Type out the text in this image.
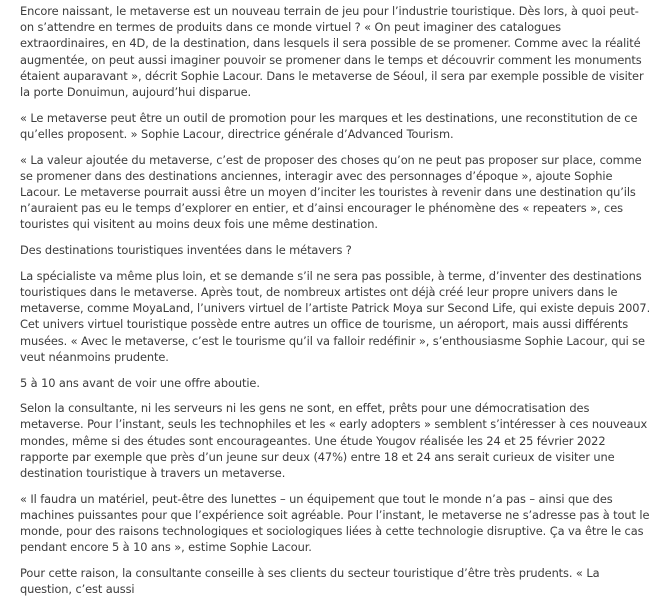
Encore naissant, le metaverse est un nouveau terrain de jeu pour l’industrie touristique. Dès lors, à quoi peut-on s’attendre en termes de produits dans ce monde virtuel ? « On peut imaginer des catalogues extraordinaires, en 4D, de la destination, dans lesquels il sera possible de se promener. Comme avec la réalité augmentée, on peut aussi imaginer pouvoir se promener dans le temps et découvrir comment les monuments étaient auparavant », décrit Sophie Lacour. Dans le metaverse de Séoul, il sera par exemple possible de visiter la porte Donuimun, aujourd’hui disparue.

« Le metaverse peut être un outil de promotion pour les marques et les destinations, une reconstitution de ce qu’elles proposent. » Sophie Lacour, directrice générale d’Advanced Tourism.

« La valeur ajoutée du metaverse, c’est de proposer des choses qu’on ne peut pas proposer sur place, comme se promener dans des destinations anciennes, interagir avec des personnages d’époque », ajoute Sophie Lacour. Le metaverse pourrait aussi être un moyen d’inciter les touristes à revenir dans une destination qu’ils n’auraient pas eu le temps d’explorer en entier, et d’ainsi encourager le phénomène des « repeaters », ces touristes qui visitent au moins deux fois une même destination.

Des destinations touristiques inventées dans le métavers ?

La spécialiste va même plus loin, et se demande s’il ne sera pas possible, à terme, d’inventer des destinations touristiques dans le metaverse. Après tout, de nombreux artistes ont déjà créé leur propre univers dans le metaverse, comme MoyaLand, l’univers virtuel de l’artiste Patrick Moya sur Second Life, qui existe depuis 2007. Cet univers virtuel touristique possède entre autres un office de tourisme, un aéroport, mais aussi différents musées. « Avec le metaverse, c’est le tourisme qu’il va falloir redéfinir », s’enthousiasme Sophie Lacour, qui se veut néanmoins prudente.

5 à 10 ans avant de voir une offre aboutie.

Selon la consultante, ni les serveurs ni les gens ne sont, en effet, prêts pour une démocratisation des metaverse. Pour l’instant, seuls les technophiles et les « early adopters » semblent s’intéresser à ces nouveaux mondes, même si des études sont encourageantes. Une étude Yougov réalisée les 24 et 25 février 2022 rapporte par exemple que près d’un jeune sur deux (47%) entre 18 et 24 ans serait curieux de visiter une destination touristique à travers un metaverse.

« Il faudra un matériel, peut-être des lunettes – un équipement que tout le monde n’a pas – ainsi que des machines puissantes pour que l’expérience soit agréable. Pour l’instant, le metaverse ne s’adresse pas à tout le monde, pour des raisons technologiques et sociologiques liées à cette technologie disruptive. Ça va être le cas pendant encore 5 à 10 ans », estime Sophie Lacour.

Pour cette raison, la consultante conseille à ses clients du secteur touristique d’être très prudents. « La question, c’est aussi
